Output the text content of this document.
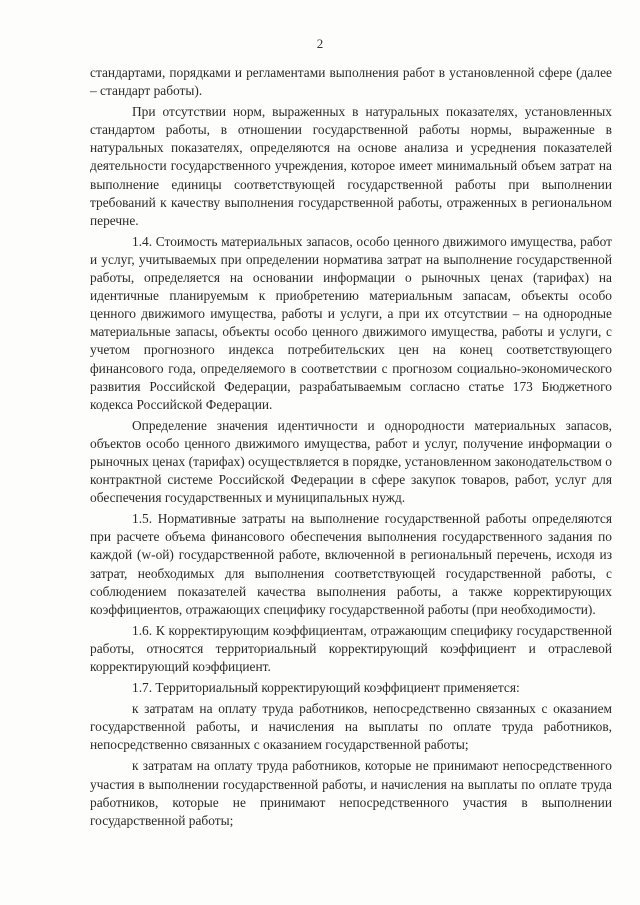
2

стандартами, порядками и регламентами выполнения работ в установленной сфере (далее – стандарт работы).

При отсутствии норм, выраженных в натуральных показателях, установленных стандартом работы, в отношении государственной работы нормы, выраженные в натуральных показателях, определяются на основе анализа и усреднения показателей деятельности государственного учреждения, которое имеет минимальный объем затрат на выполнение единицы соответствующей государственной работы при выполнении требований к качеству выполнения государственной работы, отраженных в региональном перечне.

1.4. Стоимость материальных запасов, особо ценного движимого имущества, работ и услуг, учитываемых при определении норматива затрат на выполнение государственной работы, определяется на основании информации о рыночных ценах (тарифах) на идентичные планируемым к приобретению материальным запасам, объекты особо ценного движимого имущества, работы и услуги, а при их отсутствии – на однородные материальные запасы, объекты особо ценного движимого имущества, работы и услуги, с учетом прогнозного индекса потребительских цен на конец соответствующего финансового года, определяемого в соответствии с прогнозом социально-экономического развития Российской Федерации, разрабатываемым согласно статье 173 Бюджетного кодекса Российской Федерации.

Определение значения идентичности и однородности материальных запасов, объектов особо ценного движимого имущества, работ и услуг, получение информации о рыночных ценах (тарифах) осуществляется в порядке, установленном законодательством о контрактной системе Российской Федерации в сфере закупок товаров, работ, услуг для обеспечения государственных и муниципальных нужд.

1.5. Нормативные затраты на выполнение государственной работы определяются при расчете объема финансового обеспечения выполнения государственного задания по каждой (w-ой) государственной работе, включенной в региональный перечень, исходя из затрат, необходимых для выполнения соответствующей государственной работы, с соблюдением показателей качества выполнения работы, а также корректирующих коэффициентов, отражающих специфику государственной работы (при необходимости).

1.6. К корректирующим коэффициентам, отражающим специфику государственной работы, относятся территориальный корректирующий коэффициент и отраслевой корректирующий коэффициент.

1.7. Территориальный корректирующий коэффициент применяется:

к затратам на оплату труда работников, непосредственно связанных с оказанием государственной работы, и начисления на выплаты по оплате труда работников, непосредственно связанных с оказанием государственной работы;

к затратам на оплату труда работников, которые не принимают непосредственного участия в выполнении государственной работы, и начисления на выплаты по оплате труда работников, которые не принимают непосредственного участия в выполнении государственной работы;
